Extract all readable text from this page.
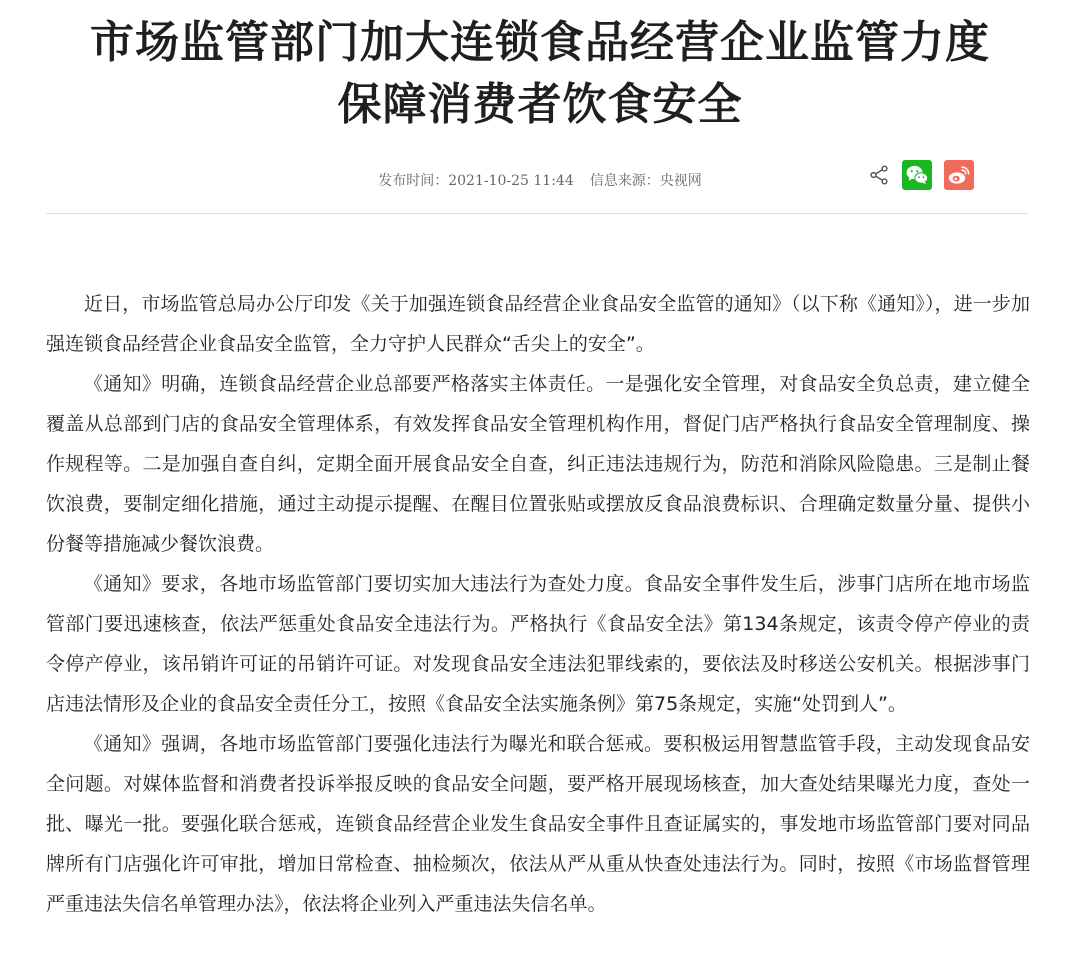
市场监管部门加大连锁食品经营企业监管力度
保障消费者饮食安全
发布时间：2021-10-25 11:44 信息来源：央视网

近日，市场监管总局办公厅印发《关于加强连锁食品经营企业食品安全监管的通知》（以下称《通知》），进一步加强连锁食品经营企业食品安全监管，全力守护人民群众“舌尖上的安全”。

《通知》明确，连锁食品经营企业总部要严格落实主体责任。一是强化安全管理，对食品安全负总责，建立健全覆盖从总部到门店的食品安全管理体系，有效发挥食品安全管理机构作用，督促门店严格执行食品安全管理制度、操作规程等。二是加强自查自纠，定期全面开展食品安全自查，纠正违法违规行为，防范和消除风险隐患。三是制止餐饮浪费，要制定细化措施，通过主动提示提醒、在醒目位置张贴或摆放反食品浪费标识、合理确定数量分量、提供小份餐等措施减少餐饮浪费。

《通知》要求，各地市场监管部门要切实加大违法行为查处力度。食品安全事件发生后，涉事门店所在地市场监管部门要迅速核查，依法严惩重处食品安全违法行为。严格执行《食品安全法》第134条规定，该责令停产停业的责令停产停业，该吊销许可证的吊销许可证。对发现食品安全违法犯罪线索的，要依法及时移送公安机关。根据涉事门店违法情形及企业的食品安全责任分工，按照《食品安全法实施条例》第75条规定，实施“处罚到人”。

《通知》强调，各地市场监管部门要强化违法行为曝光和联合惩戒。要积极运用智慧监管手段，主动发现食品安全问题。对媒体监督和消费者投诉举报反映的食品安全问题，要严格开展现场核查，加大查处结果曝光力度，查处一批、曝光一批。要强化联合惩戒，连锁食品经营企业发生食品安全事件且查证属实的，事发地市场监管部门要对同品牌所有门店强化许可审批，增加日常检查、抽检频次，依法从严从重从快查处违法行为。同时，按照《市场监督管理严重违法失信名单管理办法》，依法将企业列入严重违法失信名单。
